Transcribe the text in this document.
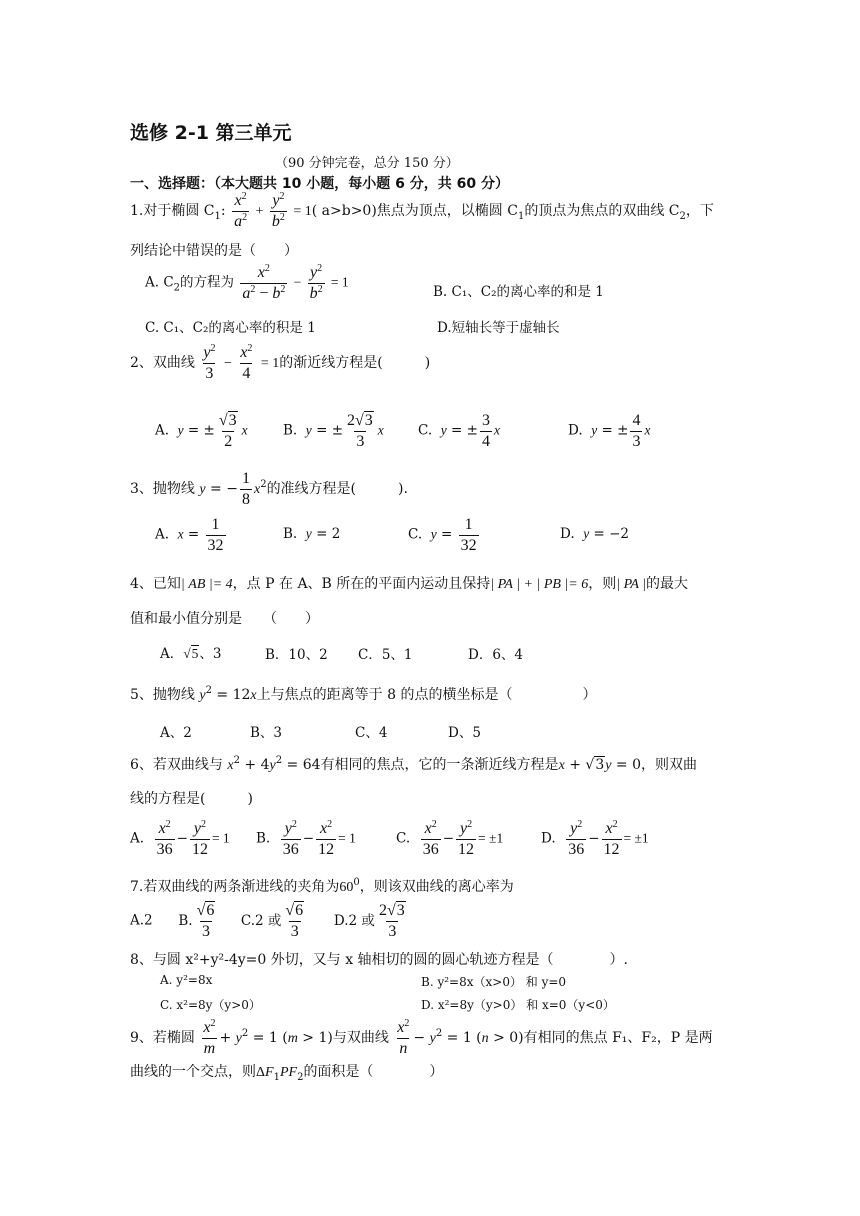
选修 2-1 第三单元
（90 分钟完卷，总分 150 分）
一、选择题：（本大题共 10 小题，每小题 6 分，共 60 分）
1.对于椭圆 $C_1$: $\frac{x^2}{a^2} + \frac{y^2}{b^2} = 1$( a>b>0)焦点为顶点，以椭圆 $C_1$的顶点为焦点的双曲线 $C_2$，下
列结论中错误的是（　　）
A. $C_2$的方程为 $\frac{x^2}{a^2 - b^2} - \frac{y^2}{b^2} = 1$
B. C₁、C₂的离心率的和是 1
C. C₁、C₂的离心率的积是 1	D.短轴长等于虚轴长
2、双曲线 $\frac{y^2}{3} - \frac{x^2}{4} = 1$的渐近线方程是(　　　)
A.  y = ± $\frac{√3}{2}$ x	B.  y = ± $\frac{2√3}{3}$ x	C.  y = ± $\frac{3}{4}$ x	D.  y = ± $\frac{4}{3}$ x
3、抛物线 y = − $\frac{1}{8} x^2$的准线方程是(　　　).
A.  $x = \frac{1}{32}$	B.  y = 2	C.  $y = \frac{1}{32}$	D.  y = −2
4、已知| AB |= 4，点 P 在 A、B 所在的平面内运动且保持| PA | + | PB |= 6，则| PA |的最大
值和最小值分别是　　（　　）
A．√5、3	B．10、2 C．5、1	D．6、4
5、抛物线 $y^2 = 12x$上与焦点的距离等于 8 的点的横坐标是（　　　　　）
A、2	B、3	C、4	D、5
6、若双曲线与 $x^2 + 4y^2 = 64$有相同的焦点，它的一条渐近线方程是x + √3y = 0，则双曲
线的方程是(　　　)
A. $\frac{x^2}{36} - \frac{y^2}{12} = 1$ B. $\frac{y^2}{36} - \frac{x^2}{12} = 1$	C. $\frac{x^2}{36} - \frac{y^2}{12} = \pm 1$	D. $\frac{y^2}{36} - \frac{x^2}{12} = \pm 1$
7.若双曲线的两条渐进线的夹角为$60^0$，则该双曲线的离心率为
A.2 B. $\frac{√6}{3} C.2$ 或 $\frac{√6}{3} D.2$ 或 $\frac{2√3}{3}$
8、与圆 x²+y²-4y=0 外切，又与 x 轴相切的圆的圆心轨迹方程是（　　　　）.
A. y²=8x	B. y²=8x（x>0） 和 y=0
C. x²=8y（y>0）	D. x²=8y（y>0） 和 x=0（y<0）
9、若椭圆 $\frac{x^2}{m} + y^2 = 1$ (m > 1)与双曲线 $\frac{x^2}{n} - y^2 = 1$ (n > 0)有相同的焦点 F₁、F₂，P 是两
曲线的一个交点，则$\Delta F_1PF_2$的面积是（　　　　）
